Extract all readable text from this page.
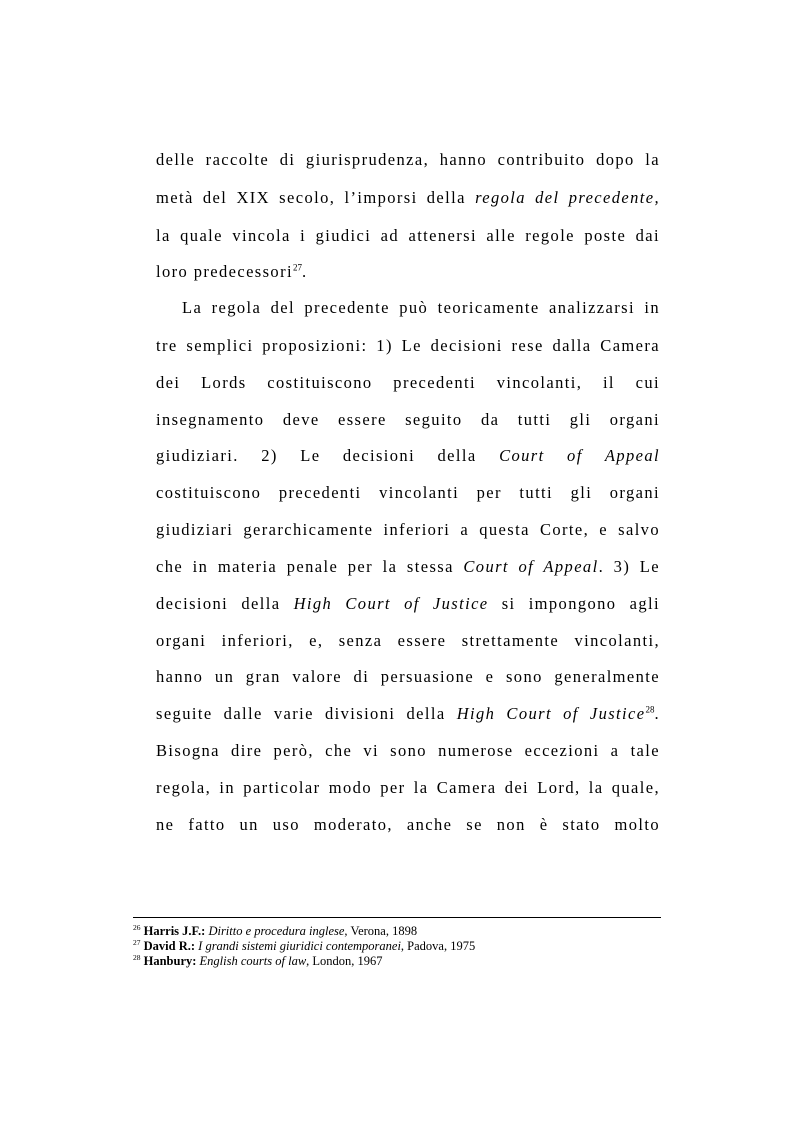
delle raccolte di giurisprudenza, hanno contribuito dopo la
metà del XIX secolo, l’imporsi della regola del precedente,
la quale vincola i giudici ad attenersi alle regole poste dai
loro predecessori$^{27}$.
La regola del precedente può teoricamente analizzarsi in
tre semplici proposizioni: 1) Le decisioni rese dalla Camera
dei Lords costituiscono precedenti vincolanti, il cui
insegnamento deve essere seguito da tutti gli organi
giudiziari. 2) Le decisioni della Court of Appeal
costituiscono precedenti vincolanti per tutti gli organi
giudiziari gerarchicamente inferiori a questa Corte, e salvo
che in materia penale per la stessa Court of Appeal. 3) Le
decisioni della High Court of Justice si impongono agli
organi inferiori, e, senza essere strettamente vincolanti,
hanno un gran valore di persuasione e sono generalmente
seguite dalle varie divisioni della High Court of Justice$^{28}$.
Bisogna dire però, che vi sono numerose eccezioni a tale
regola, in particolar modo per la Camera dei Lord, la quale,
ne fatto un uso moderato, anche se non è stato molto
$^{26}$ Harris J.F.: Diritto e procedura inglese, Verona, 1898
$^{27}$ David R.: I grandi sistemi giuridici contemporanei, Padova, 1975
$^{28}$ Hanbury: English courts of law, London, 1967
